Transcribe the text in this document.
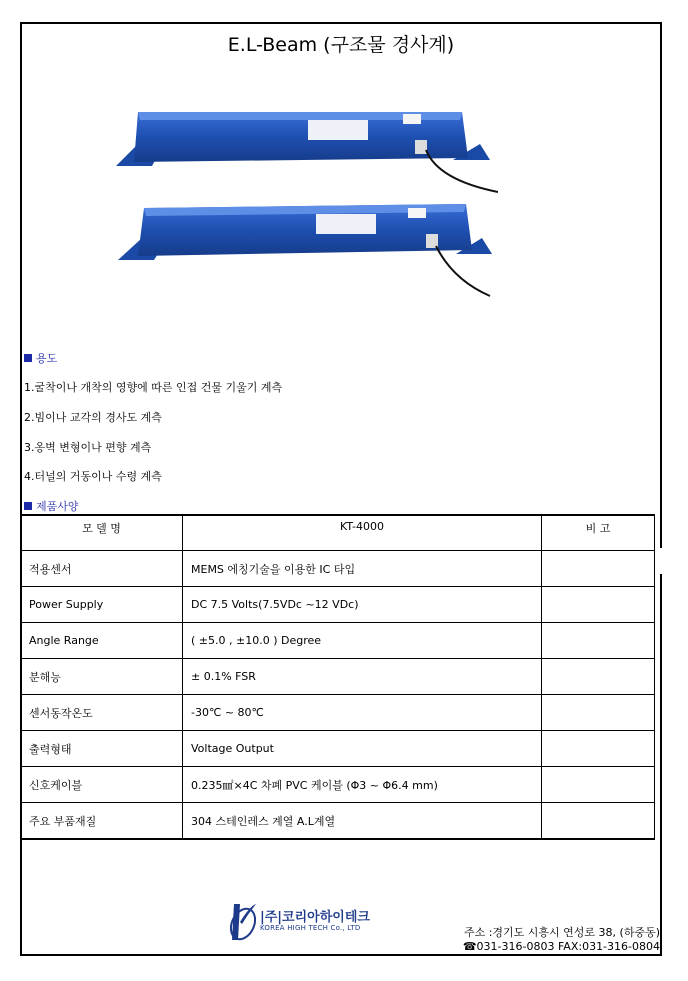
E.L-Beam (구조물 경사계)
용도
1.굴착이나 개착의 영향에 따른 인접 건물 기울기 계측
2.빔이나 교각의 경사도 계측
3.옹벽 변형이나 편향 계측
4.터널의 거동이나 수령 계측
제품사양
모 델 명	KT-4000	비 고
적용센서	MEMS 에칭기술을 이용한 IC 타입	
Power Supply	DC 7.5 Volts(7.5VDc ~12 VDc)	
Angle Range	( ±5.0 , ±10.0 ) Degree	
분해능	± 0.1% FSR	
센서동작온도	-30℃ ~ 80℃	
출력형태	Voltage Output	
신호케이블	0.235㎟×4C 차폐 PVC 케이블 (Φ3 ~ Φ6.4 mm)	
주요 부품재질	304 스테인레스 계열 A.L계열	
|주|코리아하이테크
KOREA HIGH TECH Co., LTD	주소 :경기도 시흥시 연성로 38, (하중동)
☎031-316-0803 FAX:031-316-0804
